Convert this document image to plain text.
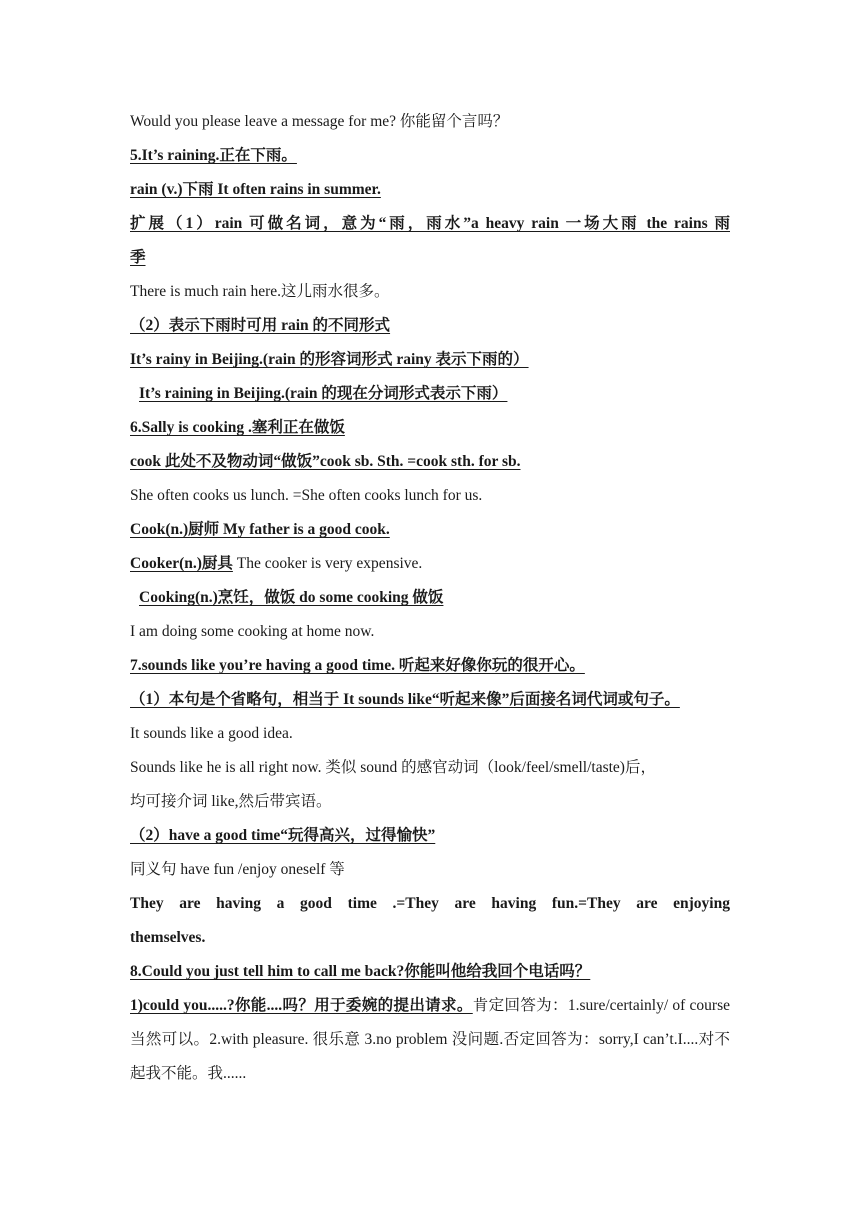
Would you please leave a message for me? 你能留个言吗？
5.It’s raining.正在下雨。
rain (v.)下雨 It often rains in summer.
扩展（1）rain 可做名词，意为“雨，雨水”a heavy rain 一场大雨 the rains 雨
季
There is much rain here.这儿雨水很多。
（2）表示下雨时可用 rain 的不同形式
It’s rainy in Beijing.(rain 的形容词形式 rainy 表示下雨的）
It’s raining in Beijing.(rain 的现在分词形式表示下雨）
6.Sally is cooking .塞利正在做饭
cook 此处不及物动词“做饭”cook sb. Sth. =cook sth. for sb.
She often cooks us lunch. =She often cooks lunch for us.
Cook(n.)厨师 My father is a good cook.
Cooker(n.)厨具 The cooker is very expensive.
Cooking(n.)烹饪，做饭 do some cooking 做饭
I am doing some cooking at home now.
7.sounds like you’re having a good time. 听起来好像你玩的很开心。
（1）本句是个省略句，相当于 It sounds like“听起来像”后面接名词代词或句子。
It sounds like a good idea.
Sounds like he is all right now. 类似 sound 的感官动词（look/feel/smell/taste)后，
均可接介词 like,然后带宾语。
（2）have a good time“玩得高兴，过得愉快”
同义句 have fun /enjoy oneself 等
They are having a good time .=They are having fun.=They are enjoying
themselves.
8.Could you just tell him to call me back?你能叫他给我回个电话吗？
1)could you.....?你能....吗？用于委婉的提出请求。肯定回答为：1.sure/certainly/ of course 当然可以。2.with pleasure. 很乐意 3.no problem 没问题.否定回答为：sorry,I can’t.I....对不起我不能。我......
